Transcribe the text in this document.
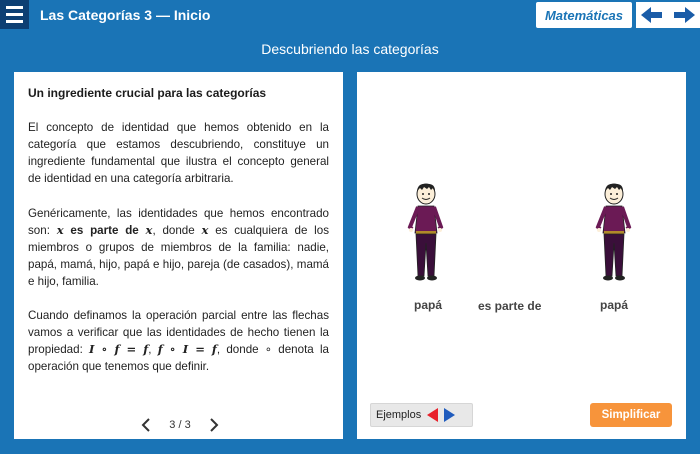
Las Categorías 3 — Inicio	Matemáticas
Descubriendo las categorías
Un ingrediente crucial para las categorías

El concepto de identidad que hemos obtenido en la categoría que estamos descubriendo, constituye un ingrediente fundamental que ilustra el concepto general de identidad en una categoría arbitraria.

Genéricamente, las identidades que hemos encontrado son: x es parte de x, donde x es cualquiera de los miembros o grupos de miembros de la familia: nadie, papá, mamá, hijo, papá e hijo, pareja (de casados), mamá e hijo, familia.

Cuando definamos la operación parcial entre las flechas vamos a verificar que las identidades de hecho tienen la propiedad: I ∘ f = f, f ∘ I = f, donde ∘ denota la operación que tenemos que definir.

3 / 3
papá	es parte de	papá
Ejemplos	Simplificar
